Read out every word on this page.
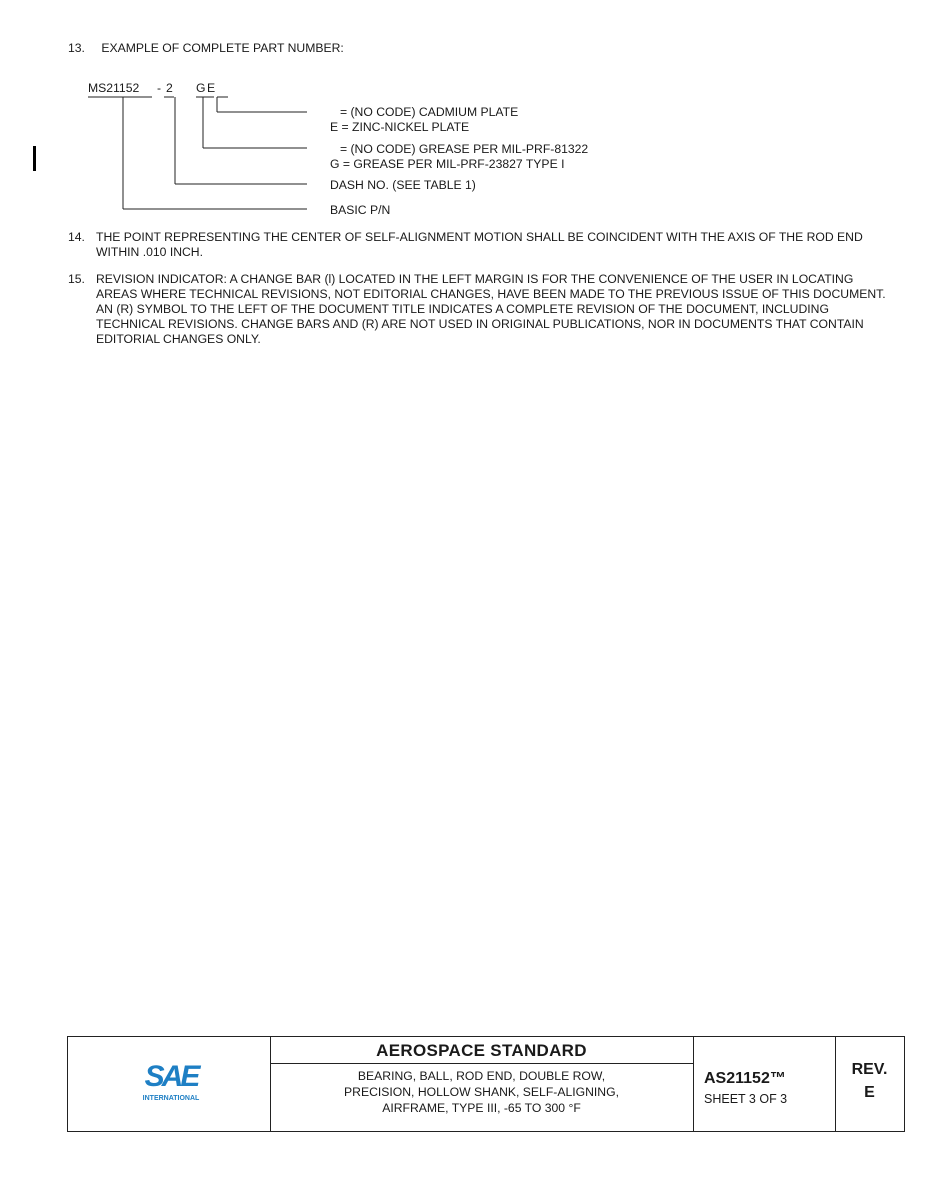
13. EXAMPLE OF COMPLETE PART NUMBER:
MS21152 - 2 G E
= (NO CODE) CADMIUM PLATE
E = ZINC-NICKEL PLATE
= (NO CODE) GREASE PER MIL-PRF-81322
G = GREASE PER MIL-PRF-23827 TYPE I
DASH NO. (SEE TABLE 1)
BASIC P/N
14. THE POINT REPRESENTING THE CENTER OF SELF-ALIGNMENT MOTION SHALL BE COINCIDENT WITH THE AXIS OF THE ROD END WITHIN .010 INCH.
15. REVISION INDICATOR: A CHANGE BAR (l) LOCATED IN THE LEFT MARGIN IS FOR THE CONVENIENCE OF THE USER IN LOCATING AREAS WHERE TECHNICAL REVISIONS, NOT EDITORIAL CHANGES, HAVE BEEN MADE TO THE PREVIOUS ISSUE OF THIS DOCUMENT. AN (R) SYMBOL TO THE LEFT OF THE DOCUMENT TITLE INDICATES A COMPLETE REVISION OF THE DOCUMENT, INCLUDING TECHNICAL REVISIONS. CHANGE BARS AND (R) ARE NOT USED IN ORIGINAL PUBLICATIONS, NOR IN DOCUMENTS THAT CONTAIN EDITORIAL CHANGES ONLY.
SAE
INTERNATIONAL
AEROSPACE STANDARD
BEARING, BALL, ROD END, DOUBLE ROW,
PRECISION, HOLLOW SHANK, SELF-ALIGNING,
AIRFRAME, TYPE III, -65 TO 300 °F
AS21152™
SHEET 3 OF 3
REV.
E
